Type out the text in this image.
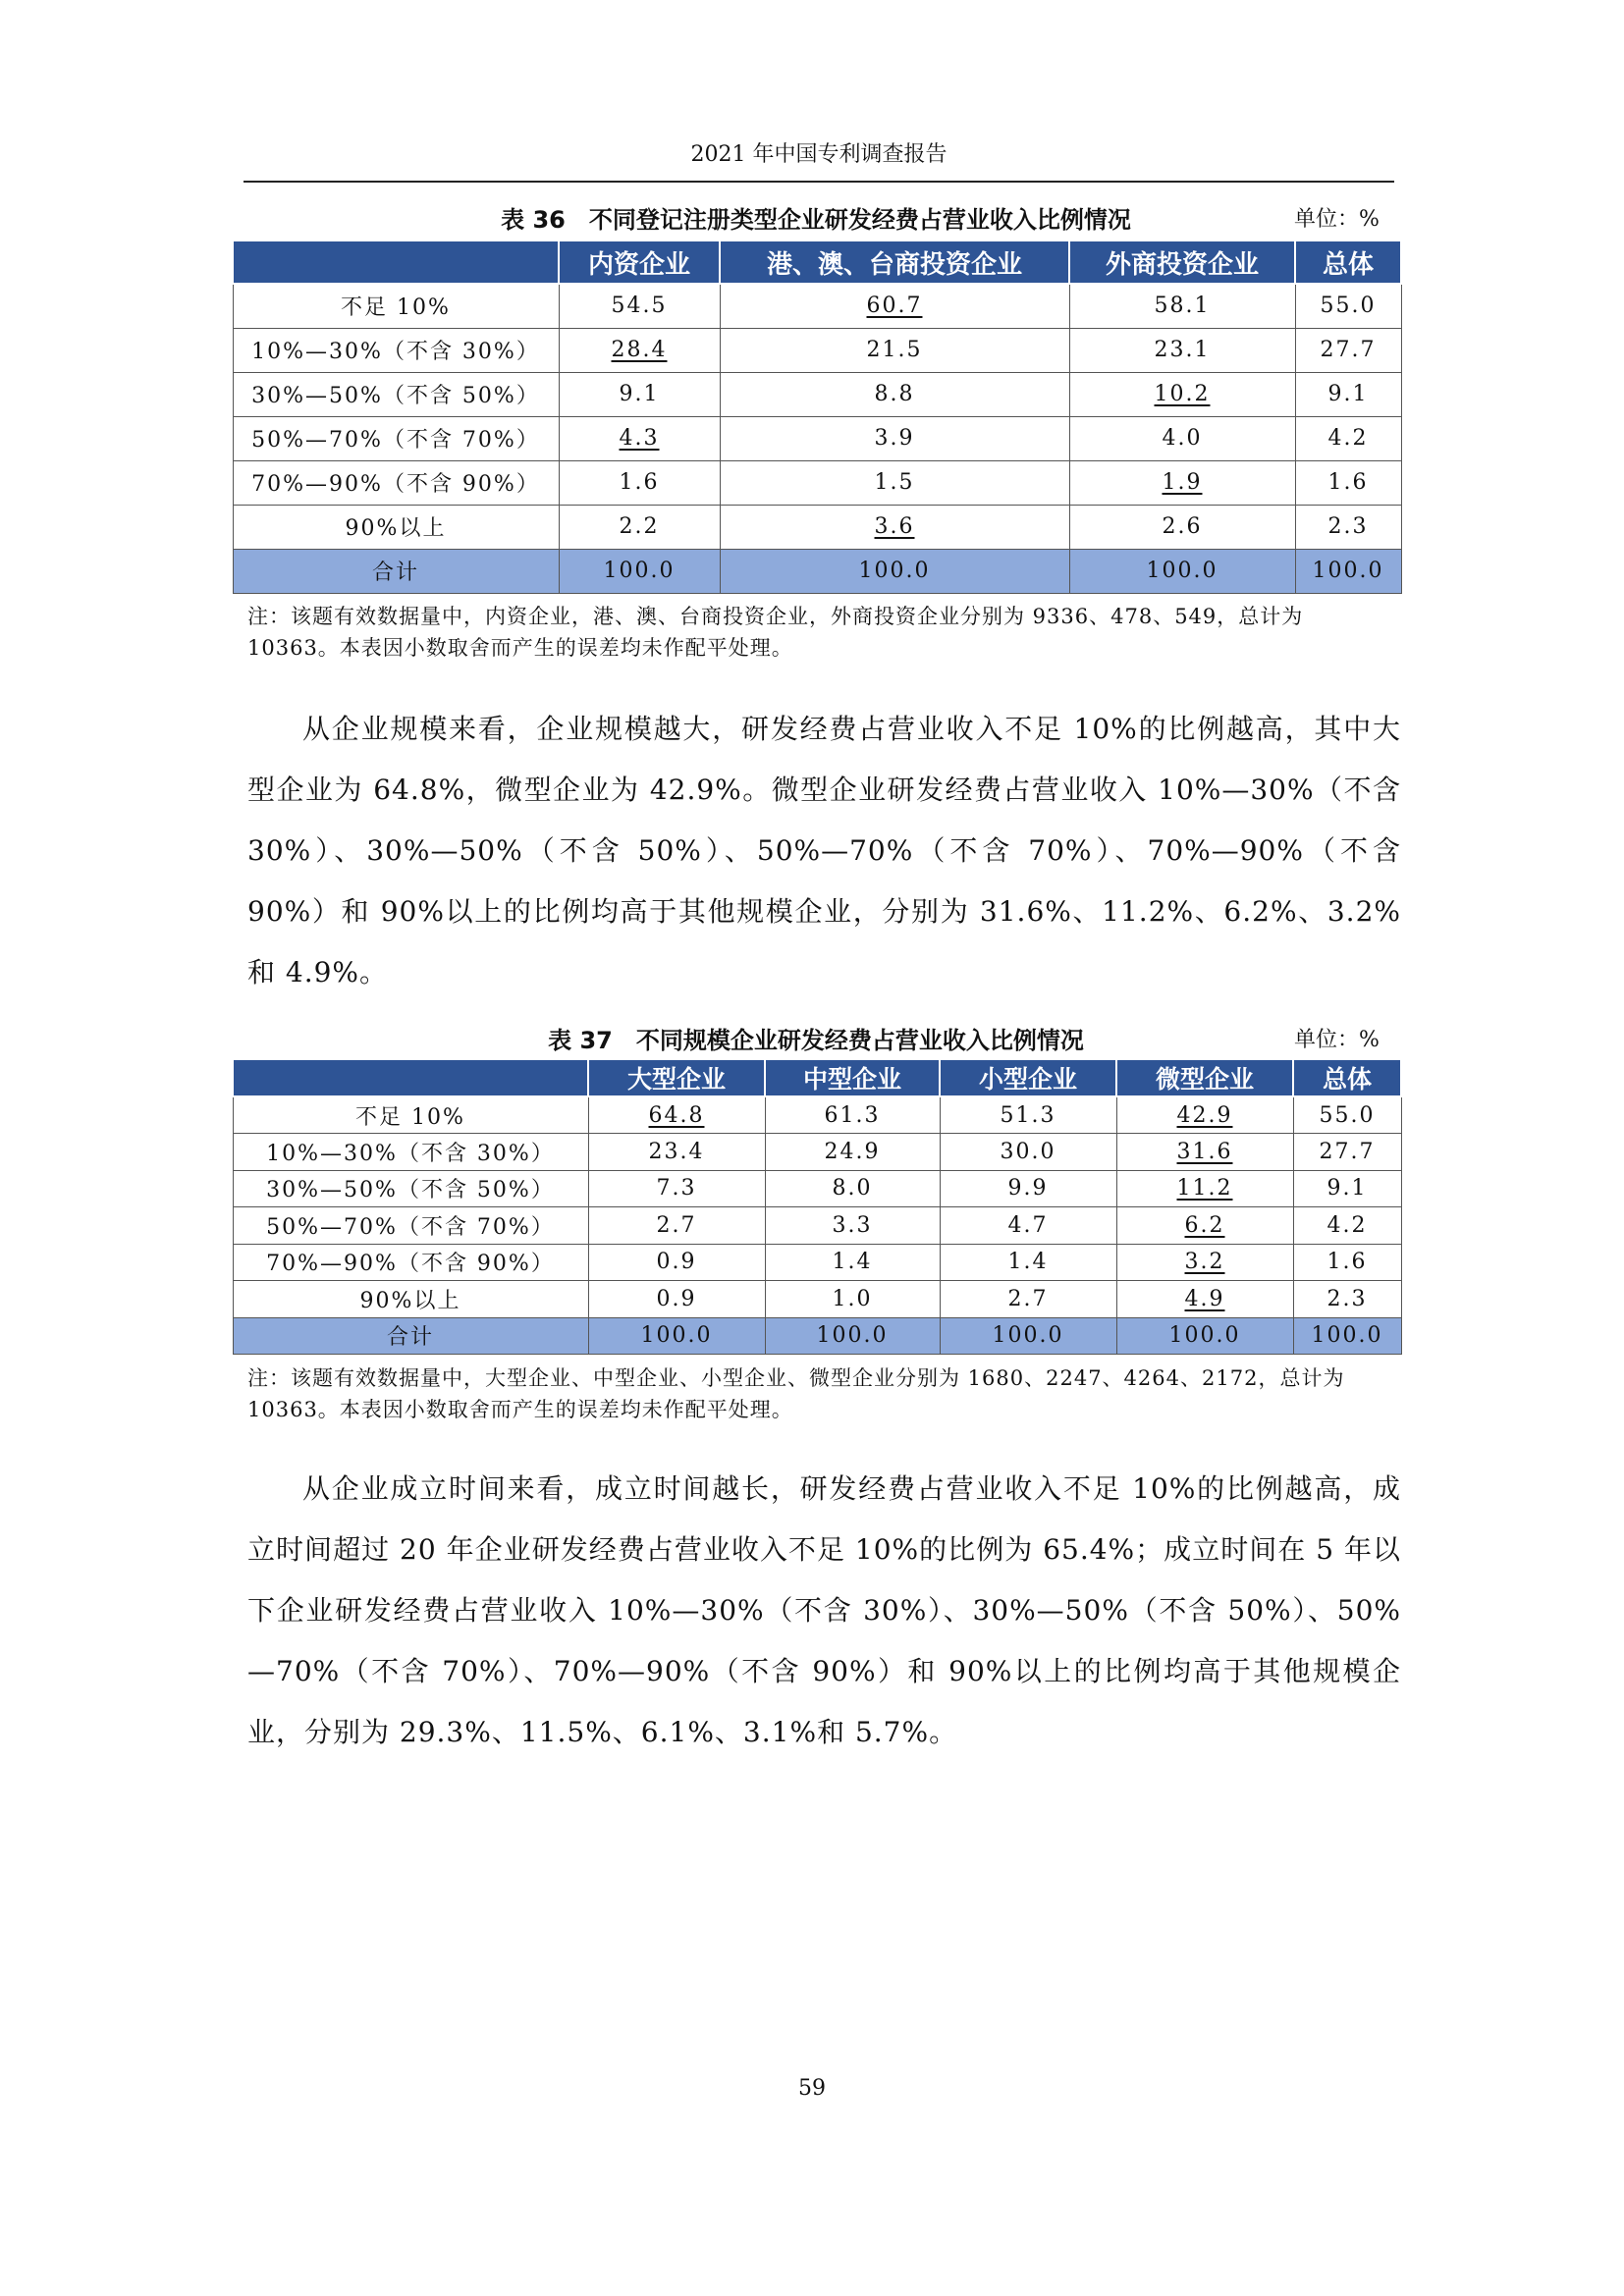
2021 年中国专利调查报告
表 36　不同登记注册类型企业研发经费占营业收入比例情况	单位：%
	内资企业	港、澳、台商投资企业	外商投资企业	总体
不足 10%	54.5	60.7	58.1	55.0
10%—30%（不含 30%）	28.4	21.5	23.1	27.7
30%—50%（不含 50%）	9.1	8.8	10.2	9.1
50%—70%（不含 70%）	4.3	3.9	4.0	4.2
70%—90%（不含 90%）	1.6	1.5	1.9	1.6
90%以上	2.2	3.6	2.6	2.3
合计	100.0	100.0	100.0	100.0
注：该题有效数据量中，内资企业，港、澳、台商投资企业，外商投资企业分别为 9336、478、549，总计为 10363。本表因小数取舍而产生的误差均未作配平处理。
从企业规模来看，企业规模越大，研发经费占营业收入不足 10%的比例越高，其中大型企业为 64.8%，微型企业为 42.9%。微型企业研发经费占营业收入 10%—30%（不含 30%）、30%—50%（不含 50%）、50%—70%（不含 70%）、70%—90%（不含 90%）和 90%以上的比例均高于其他规模企业，分别为 31.6%、11.2%、6.2%、3.2%和 4.9%。
表 37　不同规模企业研发经费占营业收入比例情况	单位：%
	大型企业	中型企业	小型企业	微型企业	总体
不足 10%	64.8	61.3	51.3	42.9	55.0
10%—30%（不含 30%）	23.4	24.9	30.0	31.6	27.7
30%—50%（不含 50%）	7.3	8.0	9.9	11.2	9.1
50%—70%（不含 70%）	2.7	3.3	4.7	6.2	4.2
70%—90%（不含 90%）	0.9	1.4	1.4	3.2	1.6
90%以上	0.9	1.0	2.7	4.9	2.3
合计	100.0	100.0	100.0	100.0	100.0
注：该题有效数据量中，大型企业、中型企业、小型企业、微型企业分别为 1680、2247、4264、2172，总计为 10363。本表因小数取舍而产生的误差均未作配平处理。
从企业成立时间来看，成立时间越长，研发经费占营业收入不足 10%的比例越高，成立时间超过 20 年企业研发经费占营业收入不足 10%的比例为 65.4%；成立时间在 5 年以下企业研发经费占营业收入 10%—30%（不含 30%）、30%—50%（不含 50%）、50%—70%（不含 70%）、70%—90%（不含 90%）和 90%以上的比例均高于其他规模企业，分别为 29.3%、11.5%、6.1%、3.1%和 5.7%。
59
